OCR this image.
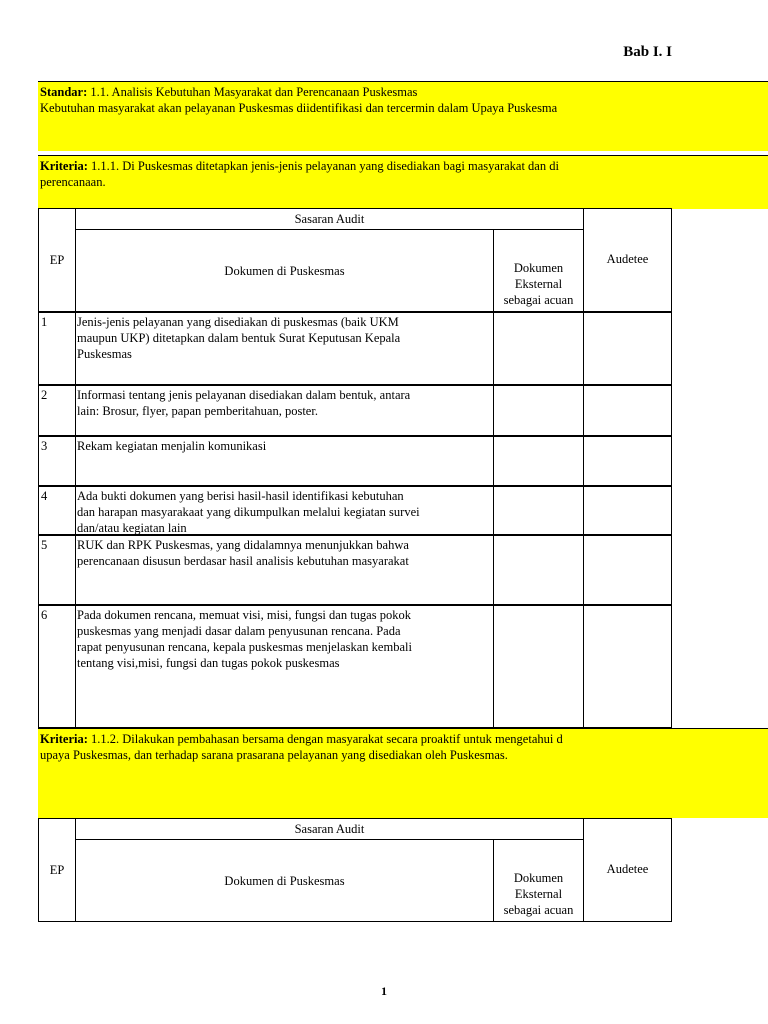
Bab I. I
Standar: 1.1. Analisis Kebutuhan Masyarakat dan Perencanaan Puskesmas
Kebutuhan masyarakat akan pelayanan Puskesmas diidentifikasi dan tercermin dalam Upaya Puskesma
Kriteria: 1.1.1. Di Puskesmas ditetapkan jenis-jenis pelayanan yang disediakan bagi masyarakat dan di
perencanaan.
EP
Sasaran Audit
Dokumen di Puskesmas	Dokumen
Eksternal
sebagai acuan
Audetee
1 Jenis-jenis pelayanan yang disediakan di puskesmas (baik UKM
maupun UKP) ditetapkan dalam bentuk Surat Keputusan Kepala
Puskesmas
2 Informasi tentang jenis pelayanan disediakan dalam bentuk, antara
lain: Brosur, flyer, papan pemberitahuan, poster.
3 Rekam kegiatan menjalin komunikasi
4 Ada bukti dokumen yang berisi hasil-hasil identifikasi kebutuhan
dan harapan masyarakaat yang dikumpulkan melalui kegiatan survei
dan/atau kegiatan lain
5 RUK dan RPK Puskesmas, yang didalamnya menunjukkan bahwa
perencanaan disusun berdasar hasil analisis kebutuhan masyarakat
6 Pada dokumen rencana, memuat visi, misi, fungsi dan tugas pokok
puskesmas yang menjadi dasar dalam penyusunan rencana. Pada
rapat penyusunan rencana, kepala puskesmas menjelaskan kembali
tentang visi,misi, fungsi dan tugas pokok puskesmas
Kriteria: 1.1.2. Dilakukan pembahasan bersama dengan masyarakat secara proaktif untuk mengetahui d
upaya Puskesmas, dan terhadap sarana prasarana pelayanan yang disediakan oleh Puskesmas.
EP
Sasaran Audit
Dokumen di Puskesmas	Dokumen
Eksternal
sebagai acuan
Audetee
1
